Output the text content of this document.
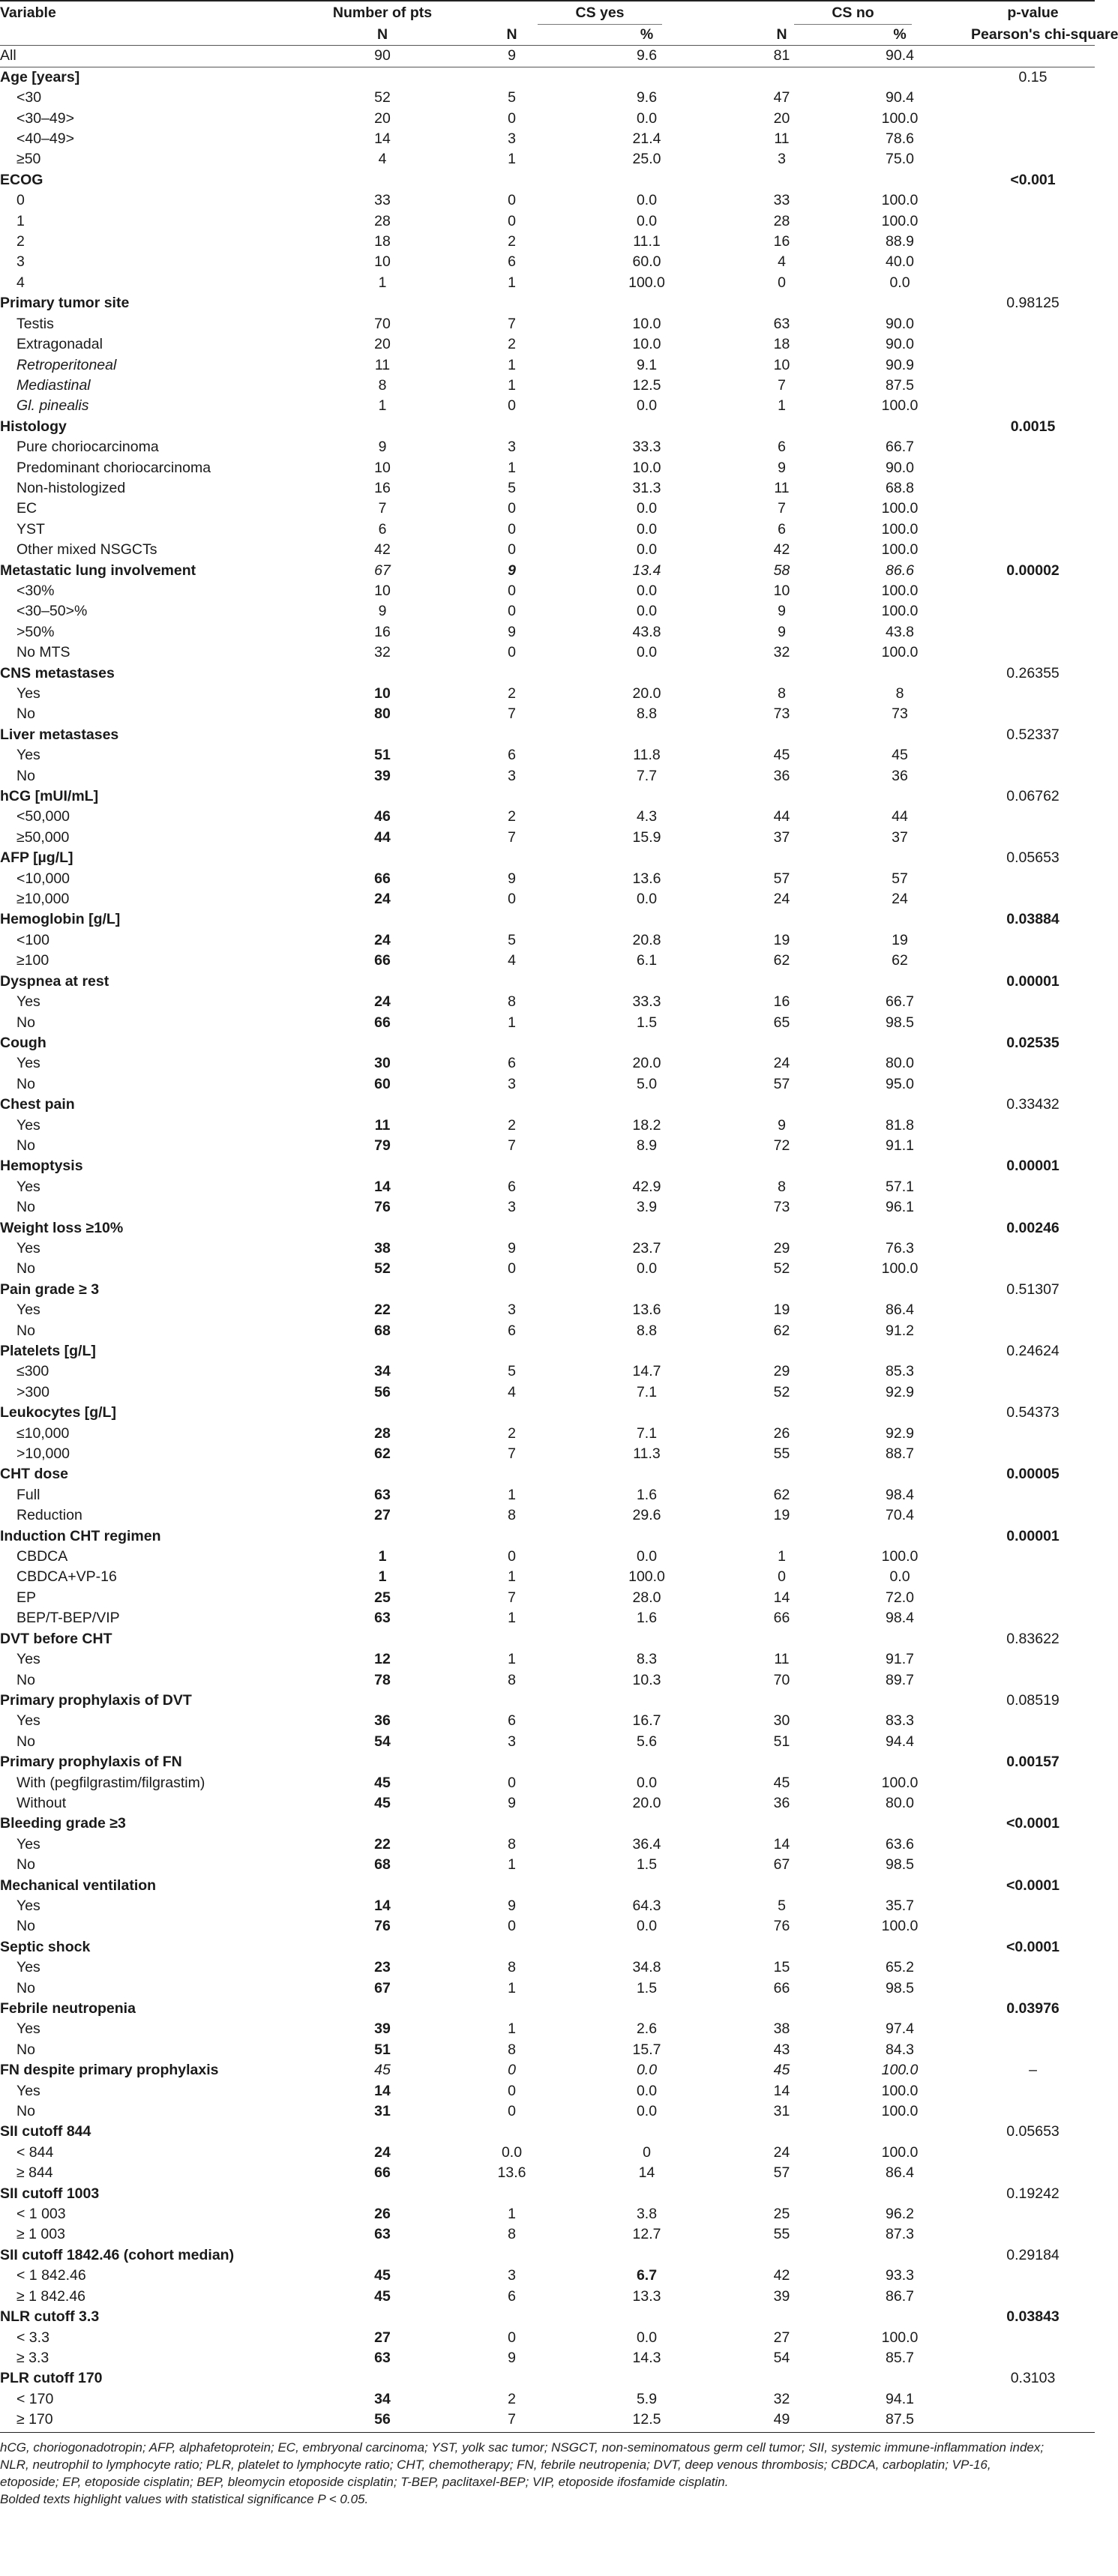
Variable	Number of pts	CS yes		CS no		p-value
	N	N	%	N	%	Pearson's chi-square
All	90	9	9.6	81	90.4	
Age [years]						0.15
<30	52	5	9.6	47	90.4	
<30–49>	20	0	0.0	20	100.0	
<40–49>	14	3	21.4	11	78.6	
≥50	4	1	25.0	3	75.0	
ECOG						<0.001
0	33	0	0.0	33	100.0	
1	28	0	0.0	28	100.0	
2	18	2	11.1	16	88.9	
3	10	6	60.0	4	40.0	
4	1	1	100.0	0	0.0	
Primary tumor site						0.98125
Testis	70	7	10.0	63	90.0	
Extragonadal	20	2	10.0	18	90.0	
Retroperitoneal	11	1	9.1	10	90.9	
Mediastinal	8	1	12.5	7	87.5	
Gl. pinealis	1	0	0.0	1	100.0	
Histology						0.0015
Pure choriocarcinoma	9	3	33.3	6	66.7	
Predominant choriocarcinoma	10	1	10.0	9	90.0	
Non-histologized	16	5	31.3	11	68.8	
EC	7	0	0.0	7	100.0	
YST	6	0	0.0	6	100.0	
Other mixed NSGCTs	42	0	0.0	42	100.0	
Metastatic lung involvement	67	9	13.4	58	86.6	0.00002
<30%	10	0	0.0	10	100.0	
<30–50>%	9	0	0.0	9	100.0	
>50%	16	9	43.8	9	43.8	
No MTS	32	0	0.0	32	100.0	
CNS metastases						0.26355
Yes	10	2	20.0	8	8	
No	80	7	8.8	73	73	
Liver metastases						0.52337
Yes	51	6	11.8	45	45	
No	39	3	7.7	36	36	
hCG [mUI/mL]						0.06762
<50,000	46	2	4.3	44	44	
≥50,000	44	7	15.9	37	37	
AFP [µg/L]						0.05653
<10,000	66	9	13.6	57	57	
≥10,000	24	0	0.0	24	24	
Hemoglobin [g/L]						0.03884
<100	24	5	20.8	19	19	
≥100	66	4	6.1	62	62	
Dyspnea at rest						0.00001
Yes	24	8	33.3	16	66.7	
No	66	1	1.5	65	98.5	
Cough						0.02535
Yes	30	6	20.0	24	80.0	
No	60	3	5.0	57	95.0	
Chest pain						0.33432
Yes	11	2	18.2	9	81.8	
No	79	7	8.9	72	91.1	
Hemoptysis						0.00001
Yes	14	6	42.9	8	57.1	
No	76	3	3.9	73	96.1	
Weight loss ≥10%						0.00246
Yes	38	9	23.7	29	76.3	
No	52	0	0.0	52	100.0	
Pain grade ≥ 3						0.51307
Yes	22	3	13.6	19	86.4	
No	68	6	8.8	62	91.2	
Platelets [g/L]						0.24624
≤300	34	5	14.7	29	85.3	
>300	56	4	7.1	52	92.9	
Leukocytes [g/L]						0.54373
≤10,000	28	2	7.1	26	92.9	
>10,000	62	7	11.3	55	88.7	
CHT dose						0.00005
Full	63	1	1.6	62	98.4	
Reduction	27	8	29.6	19	70.4	
Induction CHT regimen						0.00001
CBDCA	1	0	0.0	1	100.0	
CBDCA+VP-16	1	1	100.0	0	0.0	
EP	25	7	28.0	14	72.0	
BEP/T-BEP/VIP	63	1	1.6	66	98.4	
DVT before CHT						0.83622
Yes	12	1	8.3	11	91.7	
No	78	8	10.3	70	89.7	
Primary prophylaxis of DVT						0.08519
Yes	36	6	16.7	30	83.3	
No	54	3	5.6	51	94.4	
Primary prophylaxis of FN						0.00157
With (pegfilgrastim/filgrastim)	45	0	0.0	45	100.0	
Without	45	9	20.0	36	80.0	
Bleeding grade ≥3						<0.0001
Yes	22	8	36.4	14	63.6	
No	68	1	1.5	67	98.5	
Mechanical ventilation						<0.0001
Yes	14	9	64.3	5	35.7	
No	76	0	0.0	76	100.0	
Septic shock						<0.0001
Yes	23	8	34.8	15	65.2	
No	67	1	1.5	66	98.5	
Febrile neutropenia						0.03976
Yes	39	1	2.6	38	97.4	
No	51	8	15.7	43	84.3	
FN despite primary prophylaxis	45	0	0.0	45	100.0	–
Yes	14	0	0.0	14	100.0	
No	31	0	0.0	31	100.0	
SII cutoff 844						0.05653
< 844	24	0.0	0	24	100.0	
≥ 844	66	13.6	14	57	86.4	
SII cutoff 1003						0.19242
< 1 003	26	1	3.8	25	96.2	
≥ 1 003	63	8	12.7	55	87.3	
SII cutoff 1842.46 (cohort median)						0.29184
< 1 842.46	45	3	6.7	42	93.3	
≥ 1 842.46	45	6	13.3	39	86.7	
NLR cutoff 3.3						0.03843
< 3.3	27	0	0.0	27	100.0	
≥ 3.3	63	9	14.3	54	85.7	
PLR cutoff 170						0.3103
< 170	34	2	5.9	32	94.1	
≥ 170	56	7	12.5	49	87.5	

hCG, choriogonadotropin; AFP, alphafetoprotein; EC, embryonal carcinoma; YST, yolk sac tumor; NSGCT, non-seminomatous germ cell tumor; SII, systemic immune-inflammation index;

NLR, neutrophil to lymphocyte ratio; PLR, platelet to lymphocyte ratio; CHT, chemotherapy; FN, febrile neutropenia; DVT, deep venous thrombosis; CBDCA, carboplatin; VP-16,

etoposide; EP, etoposide cisplatin; BEP, bleomycin etoposide cisplatin; T-BEP, paclitaxel-BEP; VIP, etoposide ifosfamide cisplatin.

Bolded texts highlight values with statistical significance P < 0.05.
